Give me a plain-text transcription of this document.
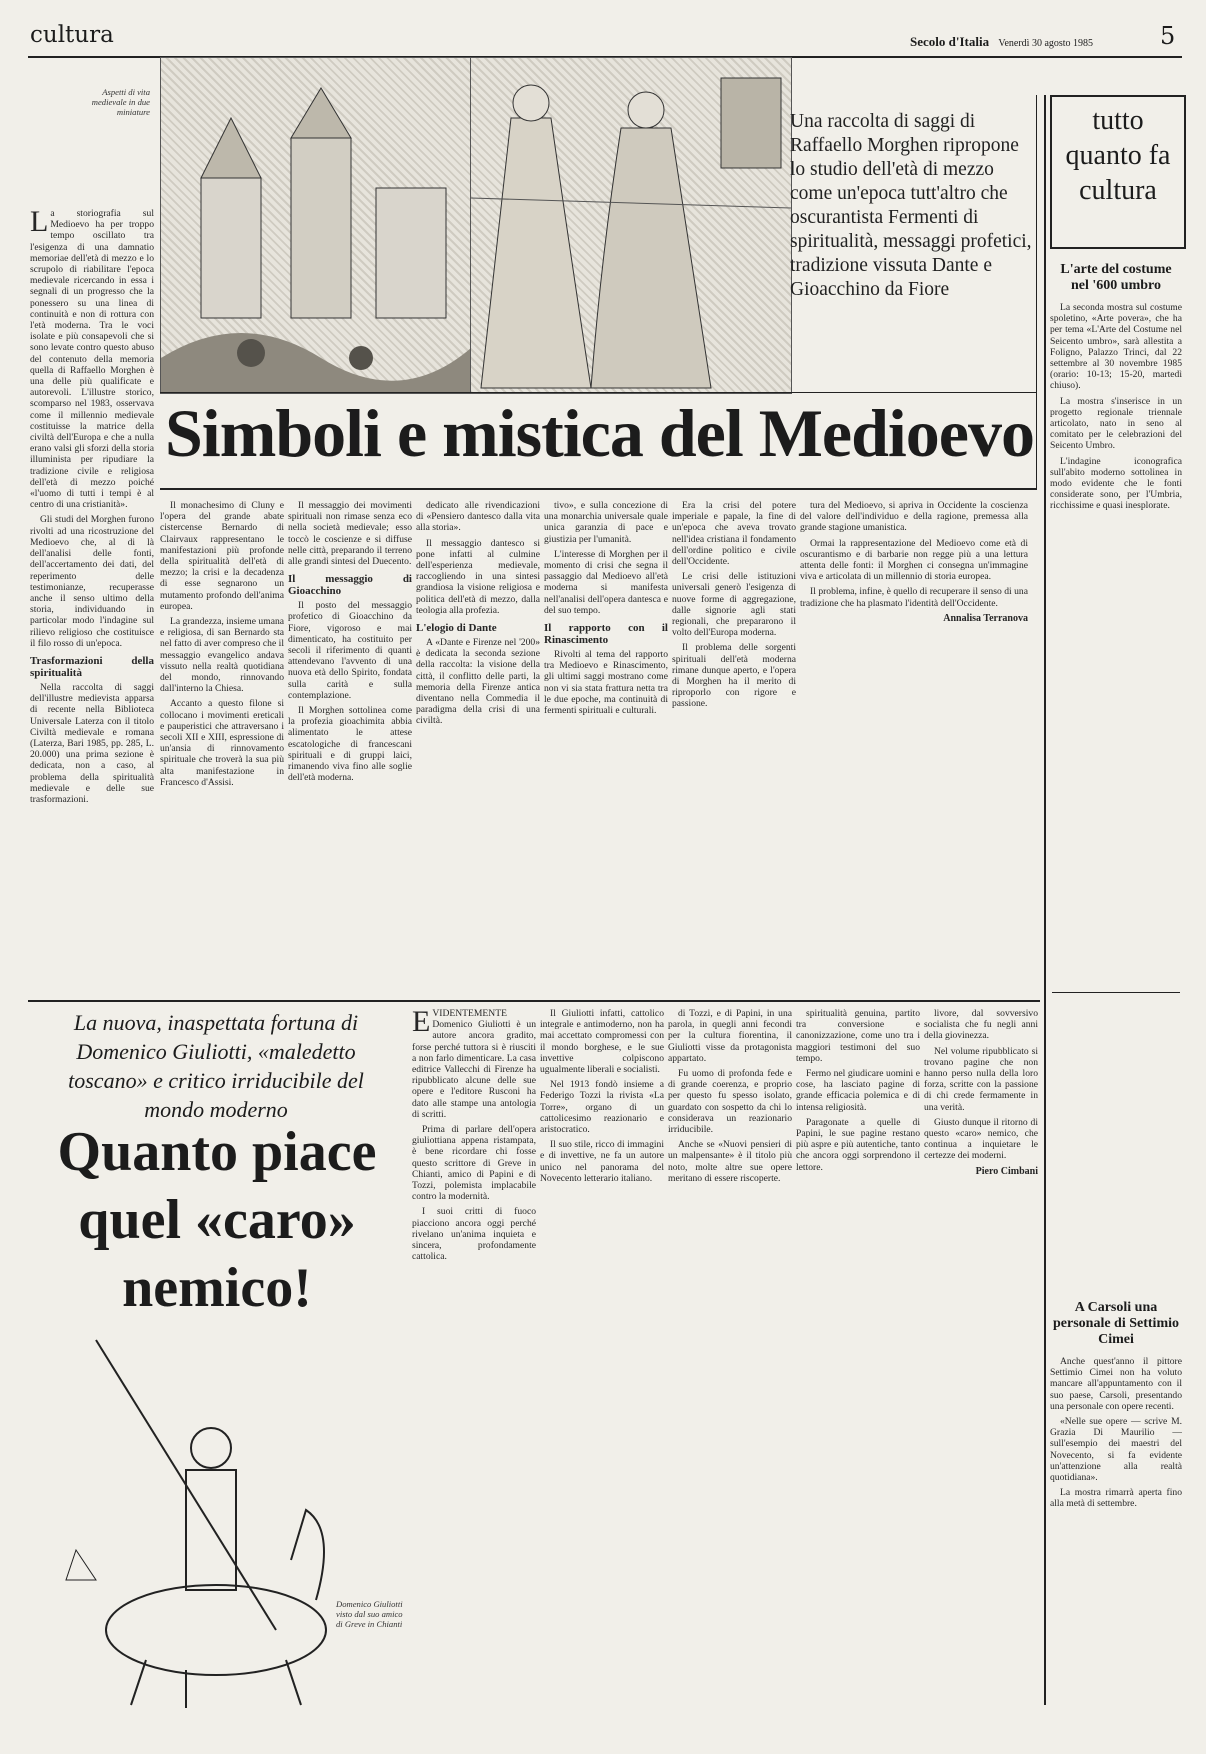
cultura	Secolo d'Italia Venerdì 30 agosto 1985	5
Aspetti di vita medievale in due miniature	Una raccolta di saggi di Raffaello Morghen ripropone lo studio dell'età di mezzo come un'epoca tutt'altro che oscurantista Fermenti di spiritualità, messaggi profetici, tradizione vissuta Dante e Gioacchino da Fiore
Simboli e mistica del Medioevo

La storiografia sul Medioevo ha per troppo tempo oscillato tra l'esigenza di una damnatio memoriae dell'età di mezzo e lo scrupolo di riabilitare l'epoca medievale ricercando in essa i segnali di un progresso che la ponessero su una linea di continuità e non di rottura con l'età moderna. Tra le voci isolate e più consapevoli che si sono levate contro questo abuso del contenuto della memoria quella di Raffaello Morghen è una delle più qualificate e autorevoli. L'illustre storico, scomparso nel 1983, osservava come il millennio medievale costituisse la matrice della civiltà dell'Europa e che a nulla erano valsi gli sforzi della storia illuminista per ripudiare la tradizione civile e religiosa dell'età di mezzo poiché «l'uomo di tutti i tempi è al centro di una cristianità».

Gli studi del Morghen furono rivolti ad una ricostruzione del Medioevo che, al di là dell'analisi delle fonti, dell'accertamento dei dati, del reperimento delle testimonianze, recuperasse anche il senso ultimo della storia, individuando in particolar modo l'indagine sul rilievo religioso che costituisce il filo rosso di un'epoca.

Trasformazioni della spiritualità

Nella raccolta di saggi dell'illustre medievista apparsa di recente nella Biblioteca Universale Laterza con il titolo Civiltà medievale e romana (Laterza, Bari 1985, pp. 285, L. 20.000) una prima sezione è dedicata, non a caso, al problema della spiritualità medievale e delle sue trasformazioni.

Il monachesimo di Cluny e l'opera del grande abate cistercense Bernardo di Clairvaux rappresentano le manifestazioni più profonde della spiritualità dell'età di mezzo; la crisi e la decadenza di esse segnarono un mutamento profondo dell'anima europea.

La grandezza, insieme umana e religiosa, di san Bernardo sta nel fatto di aver compreso che il messaggio evangelico andava vissuto nella realtà quotidiana del mondo, rinnovando dall'interno la Chiesa.

Accanto a questo filone si collocano i movimenti ereticali e pauperistici che attraversano i secoli XII e XIII, espressione di un'ansia di rinnovamento spirituale che troverà la sua più alta manifestazione in Francesco d'Assisi.

Il messaggio dei movimenti spirituali non rimase senza eco nella società medievale; esso toccò le coscienze e si diffuse nelle città, preparando il terreno alle grandi sintesi del Duecento.

Il messaggio di Gioacchino

Il posto del messaggio profetico di Gioacchino da Fiore, vigoroso e mai dimenticato, ha costituito per secoli il riferimento di quanti attendevano l'avvento di una nuova età dello Spirito, fondata sulla carità e sulla contemplazione.

Il Morghen sottolinea come la profezia gioachimita abbia alimentato le attese escatologiche di francescani spirituali e di gruppi laici, rimanendo viva fino alle soglie dell'età moderna.

dedicato alle rivendicazioni di «Pensiero dantesco dalla vita alla storia».

Il messaggio dantesco si pone infatti al culmine dell'esperienza medievale, raccogliendo in una sintesi grandiosa la visione religiosa e politica dell'età di mezzo, dalla teologia alla profezia.

L'elogio di Dante

A «Dante e Firenze nel '200» è dedicata la seconda sezione della raccolta: la visione della città, il conflitto delle parti, la memoria della Firenze antica diventano nella Commedia il paradigma della crisi di una civiltà.

tivo», e sulla concezione di una monarchia universale quale unica garanzia di pace e giustizia per l'umanità.

L'interesse di Morghen per il momento di crisi che segna il passaggio dal Medioevo all'età moderna si manifesta nell'analisi dell'opera dantesca e del suo tempo.

Il rapporto con il Rinascimento

Rivolti al tema del rapporto tra Medioevo e Rinascimento, gli ultimi saggi mostrano come non vi sia stata frattura netta tra le due epoche, ma continuità di fermenti spirituali e culturali.

Era la crisi del potere imperiale e papale, la fine di un'epoca che aveva trovato nell'idea cristiana il fondamento dell'ordine politico e civile dell'Occidente.

Le crisi delle istituzioni universali generò l'esigenza di nuove forme di aggregazione, dalle signorie agli stati regionali, che prepararono il volto dell'Europa moderna.

Il problema delle sorgenti spirituali dell'età moderna rimane dunque aperto, e l'opera di Morghen ha il merito di riproporlo con rigore e passione.

tura del Medioevo, si apriva in Occidente la coscienza del valore dell'individuo e della ragione, premessa alla grande stagione umanistica.

Ormai la rappresentazione del Medioevo come età di oscurantismo e di barbarie non regge più a una lettura attenta delle fonti: il Morghen ci consegna un'immagine viva e articolata di un millennio di storia europea.

Il problema, infine, è quello di recuperare il senso di una tradizione che ha plasmato l'identità dell'Occidente.

Annalisa Terranova
tutto quanto fa cultura
L'arte del costume nel '600 umbro

La seconda mostra sul costume spoletino, «Arte povera», che ha per tema «L'Arte del Costume nel Seicento umbro», sarà allestita a Foligno, Palazzo Trinci, dal 22 settembre al 30 novembre 1985 (orario: 10-13; 15-20, martedì chiuso).

La mostra s'inserisce in un progetto regionale triennale articolato, nato in seno al comitato per le celebrazioni del Seicento Umbro.

L'indagine iconografica sull'abito moderno sottolinea in modo evidente che le fonti considerate sono, per l'Umbria, ricchissime e quasi inesplorate.

A Carsoli una personale di Settimio Cimei

Anche quest'anno il pittore Settimio Cimei non ha voluto mancare all'appuntamento con il suo paese, Carsoli, presentando una personale con opere recenti.

«Nelle sue opere — scrive M. Grazia Di Maurilio — sull'esempio dei maestri del Novecento, si fa evidente un'attenzione alla realtà quotidiana».

La mostra rimarrà aperta fino alla metà di settembre.

La nuova, inaspettata fortuna di Domenico Giuliotti, «maledetto toscano» e critico irriducibile del mondo moderno
Quanto piace
quel «caro»
nemico!
Domenico Giuliotti visto dal suo amico di Greve in Chianti

EVIDENTEMENTE Domenico Giuliotti è un autore ancora gradito, forse perché tuttora si è riusciti a non farlo dimenticare. La casa editrice Vallecchi di Firenze ha ripubblicato alcune delle sue opere e l'editore Rusconi ha dato alle stampe una antologia di scritti.

Prima di parlare dell'opera giuliottiana appena ristampata, è bene ricordare chi fosse questo scrittore di Greve in Chianti, amico di Papini e di Tozzi, polemista implacabile contro la modernità.

I suoi critti di fuoco piacciono ancora oggi perché rivelano un'anima inquieta e sincera, profondamente cattolica.

Il Giuliotti infatti, cattolico integrale e antimoderno, non ha mai accettato compromessi con il mondo borghese, e le sue invettive colpiscono ugualmente liberali e socialisti.

Nel 1913 fondò insieme a Federigo Tozzi la rivista «La Torre», organo di un cattolicesimo reazionario e aristocratico.

Il suo stile, ricco di immagini e di invettive, ne fa un autore unico nel panorama del Novecento letterario italiano.

di Tozzi, e di Papini, in una parola, in quegli anni fecondi per la cultura fiorentina, il Giuliotti visse da protagonista appartato.

Fu uomo di profonda fede e di grande coerenza, e proprio per questo fu spesso isolato, guardato con sospetto da chi lo considerava un reazionario irriducibile.

Anche se «Nuovi pensieri di un malpensante» è il titolo più noto, molte altre sue opere meritano di essere riscoperte.

spiritualità genuina, partito tra conversione e canonizzazione, come uno tra i maggiori testimoni del suo tempo.

Fermo nel giudicare uomini e cose, ha lasciato pagine di grande efficacia polemica e di intensa religiosità.

Paragonate a quelle di Papini, le sue pagine restano più aspre e più autentiche, tanto che ancora oggi sorprendono il lettore.

livore, dal sovversivo socialista che fu negli anni della giovinezza.

Nel volume ripubblicato si trovano pagine che non hanno perso nulla della loro forza, scritte con la passione di chi crede fermamente in una verità.

Giusto dunque il ritorno di questo «caro» nemico, che continua a inquietare le certezze dei moderni.

Piero Cimbani
